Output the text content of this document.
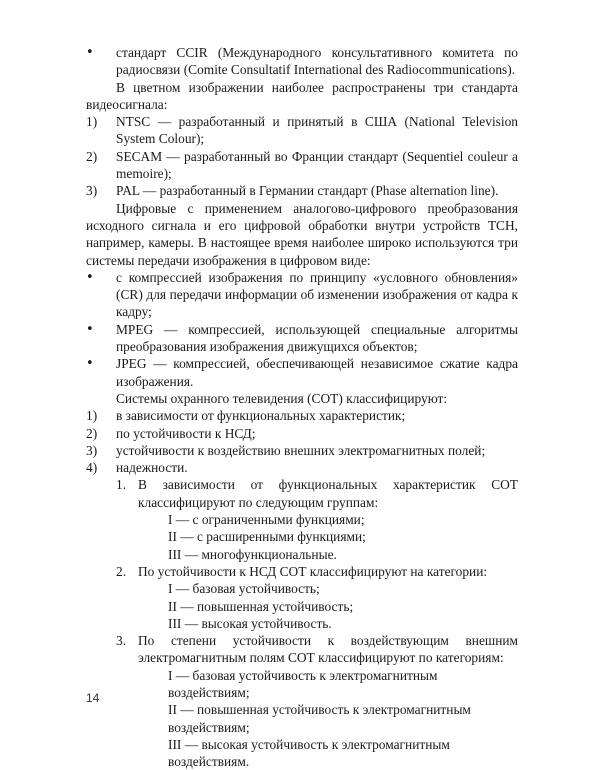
•	стандарт CCIR (Международного консультативного комитета по радиосвязи (Comite Consultatif International des Radiocommunications).

В цветном изображении наиболее распространены три стандарта видеосигнала:

1)	NTSC — разработанный и принятый в США (National Television System Colour);
2)	SECAM — разработанный во Франции стандарт (Sequentiel couleur a memoire);
3)	PAL — разработанный в Германии стандарт (Phase alternation line).

Цифровые с применением аналогово-цифрового преобразования исходного сигнала и его цифровой обработки внутри устройств ТСН, например, камеры. В настоящее время наиболее широко используются три системы передачи изображения в цифровом виде:

•	с компрессией изображения по принципу «условного обновления» (CR) для передачи информации об изменении изображения от кадра к кадру;
•	MPEG — компрессией, использующей специальные алгоритмы преобразования изображения движущихся объектов;
•	JPEG — компрессией, обеспечивающей независимое сжатие кадра изображения.

Системы охранного телевидения (СОТ) классифицируют:

1)	в зависимости от функциональных характеристик;
2)	по устойчивости к НСД;
3)	устойчивости к воздействию внешних электромагнитных полей;
4)	надежности.
1. В зависимости от функциональных характеристик СОТ классифицируют по следующим группам:
I — с ограниченными функциями;
II — с расширенными функциями;
III — многофункциональные.
2. По устойчивости к НСД СОТ классифицируют на категории:
I — базовая устойчивость;
II — повышенная устойчивость;
III — высокая устойчивость.
3. По степени устойчивости к воздействующим внешним электромагнитным полям СОТ классифицируют по категориям:
I — базовая устойчивость к электромагнитным воздействиям;
II — повышенная устойчивость к электромагнитным воздействиям;
III — высокая устойчивость к электромагнитным воздействиям.
14
